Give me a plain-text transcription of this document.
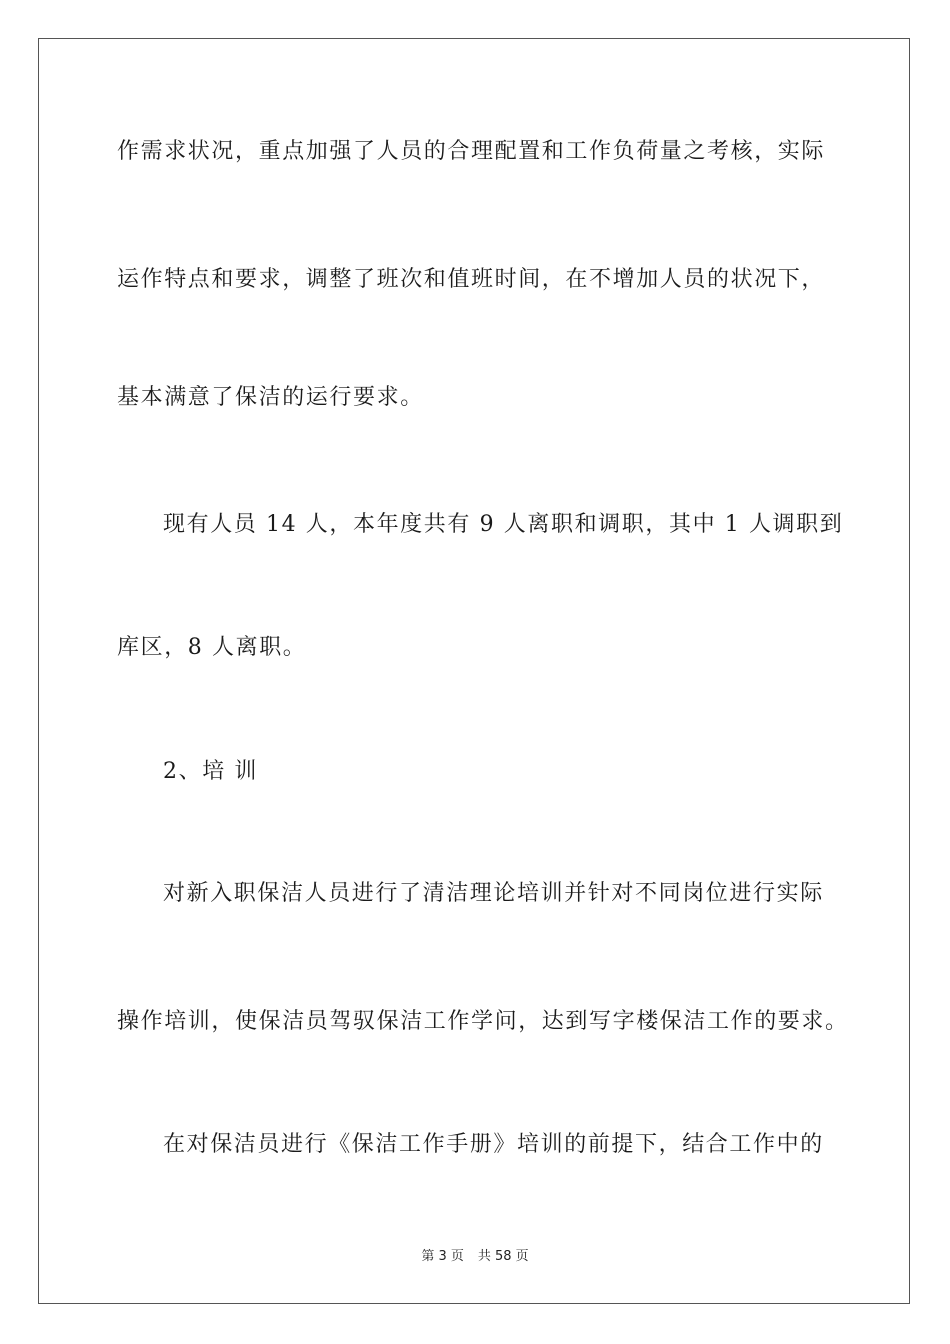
作需求状况，重点加强了人员的合理配置和工作负荷量之考核，实际
运作特点和要求，调整了班次和值班时间，在不增加人员的状况下，
基本满意了保洁的运行要求。
现有人员 14 人，本年度共有 9 人离职和调职，其中 1 人调职到
库区，8 人离职。
2、培 训
对新入职保洁人员进行了清洁理论培训并针对不同岗位进行实际
操作培训，使保洁员驾驭保洁工作学问，达到写字楼保洁工作的要求。
在对保洁员进行《保洁工作手册》培训的前提下，结合工作中的
第 3 页 共 58 页
